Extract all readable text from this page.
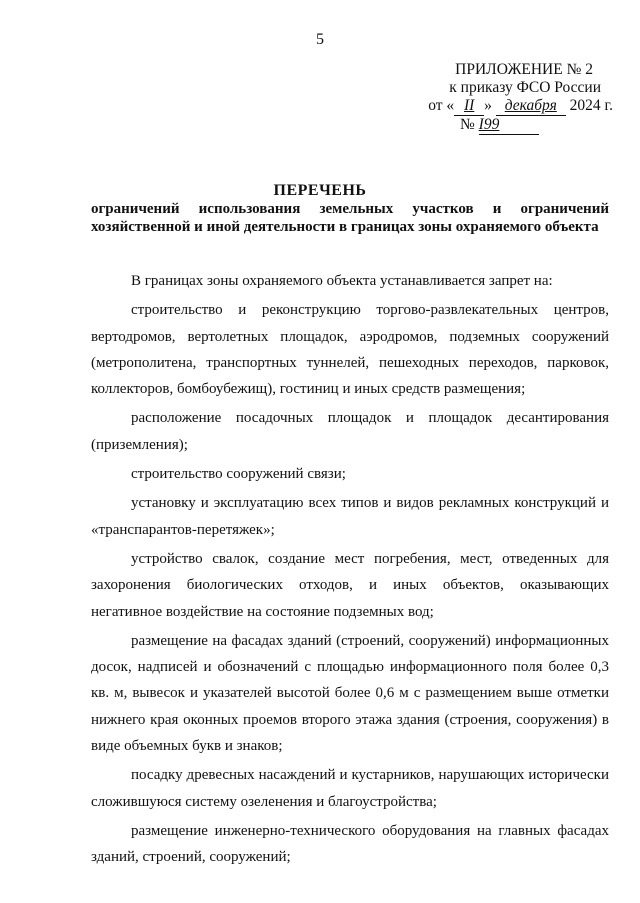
5
ПРИЛОЖЕНИЕ № 2
к приказу ФСО России
от « II » декабря 2024 г.
№ I99
ПЕРЕЧЕНЬ
ограничений использования земельных участков и ограничений
хозяйственной и иной деятельности в границах зоны охраняемого объекта

В границах зоны охраняемого объекта устанавливается запрет на:

строительство и реконструкцию торгово-развлекательных центров, вертодромов, вертолетных площадок, аэродромов, подземных сооружений (метрополитена, транспортных туннелей, пешеходных переходов, парковок, коллекторов, бомбоубежищ), гостиниц и иных средств размещения;

расположение посадочных площадок и площадок десантирования (приземления);

строительство сооружений связи;

установку и эксплуатацию всех типов и видов рекламных конструкций и «транспарантов-перетяжек»;

устройство свалок, создание мест погребения, мест, отведенных для захоронения биологических отходов, и иных объектов, оказывающих негативное воздействие на состояние подземных вод;

размещение на фасадах зданий (строений, сооружений) информационных досок, надписей и обозначений с площадью информационного поля более 0,3 кв. м, вывесок и указателей высотой более 0,6 м с размещением выше отметки нижнего края оконных проемов второго этажа здания (строения, сооружения) в виде объемных букв и знаков;

посадку древесных насаждений и кустарников, нарушающих исторически сложившуюся систему озеленения и благоустройства;

размещение инженерно-технического оборудования на главных фасадах зданий, строений, сооружений;
